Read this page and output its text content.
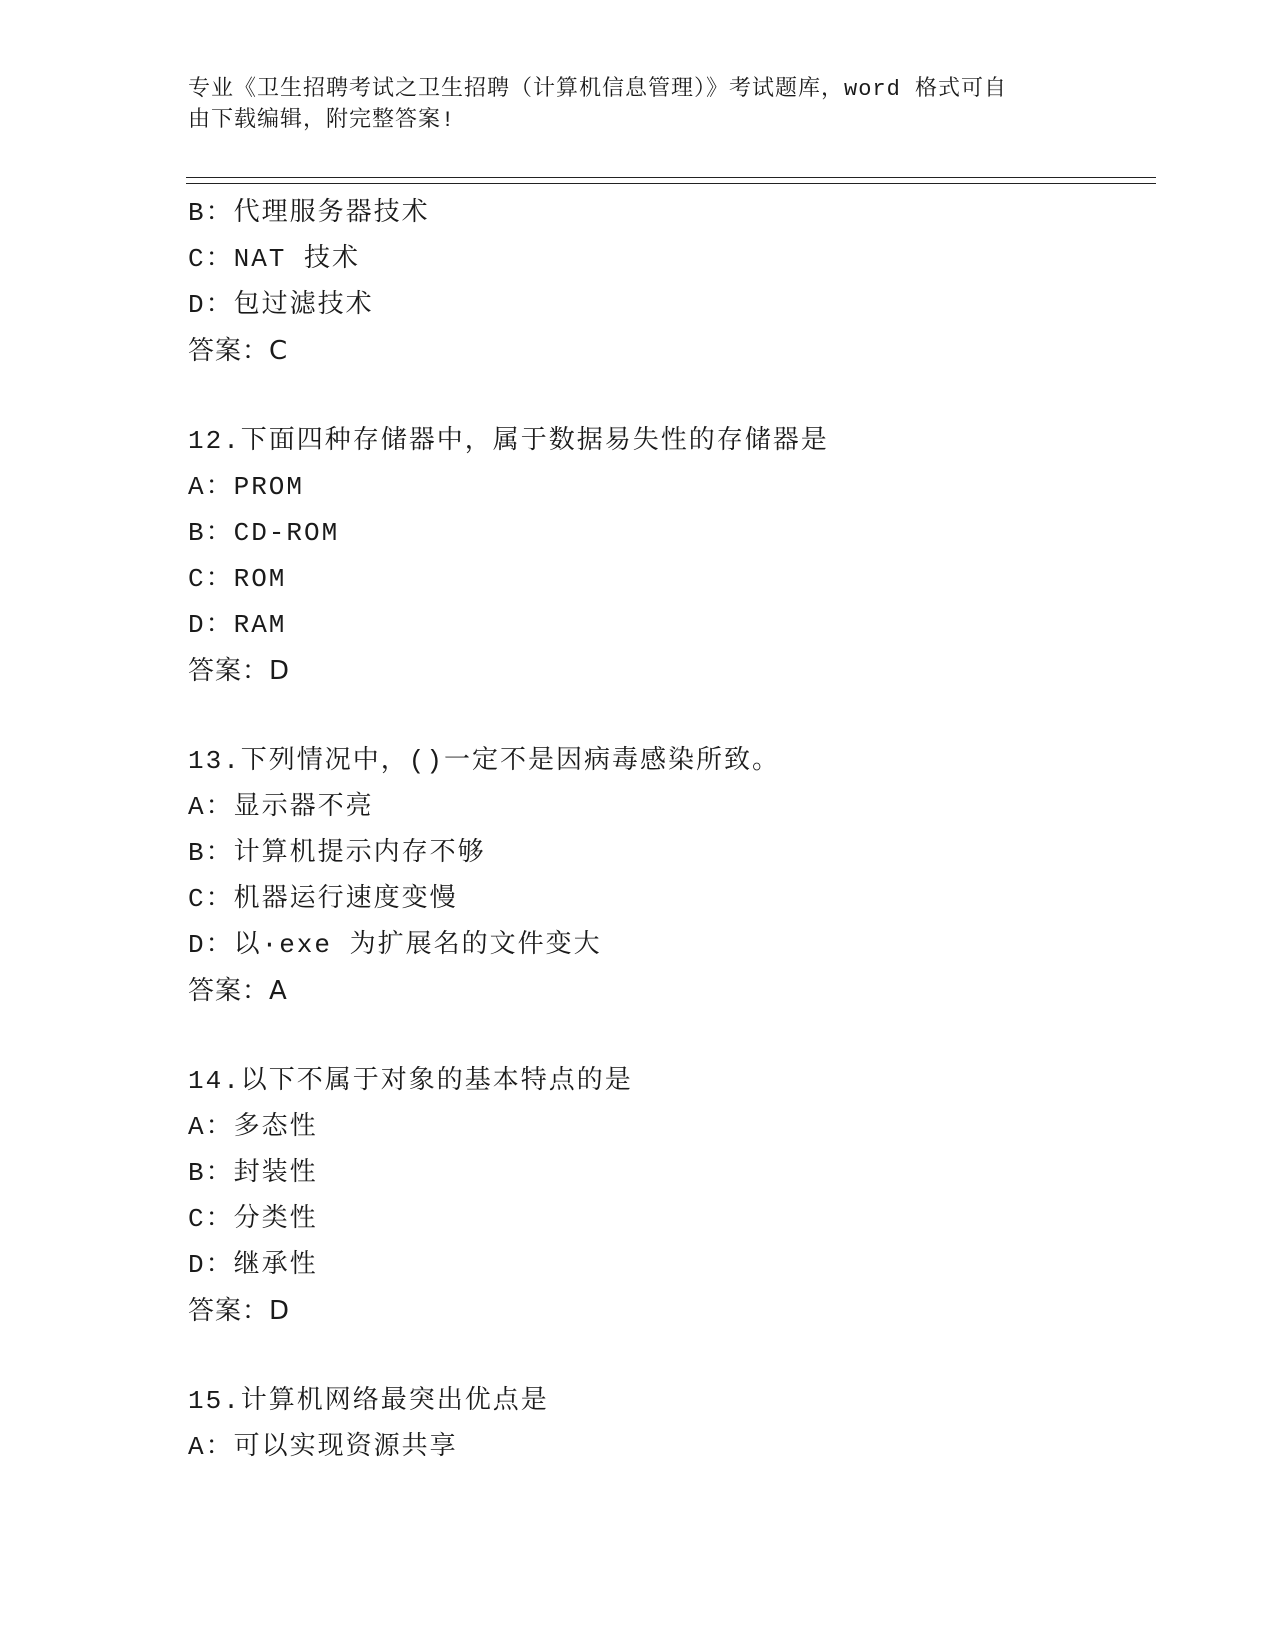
专业《卫生招聘考试之卫生招聘（计算机信息管理）》考试题库，word 格式可自
由下载编辑，附完整答案!
B：代理服务器技术
C：NAT 技术
D：包过滤技术
答案：C
12.下面四种存储器中，属于数据易失性的存储器是
A：PROM
B：CD-ROM
C：ROM
D：RAM
答案：D
13.下列情况中，()一定不是因病毒感染所致。
A：显示器不亮
B：计算机提示内存不够
C：机器运行速度变慢
D：以·exe 为扩展名的文件变大
答案：A
14.以下不属于对象的基本特点的是
A：多态性
B：封装性
C：分类性
D：继承性
答案：D
15.计算机网络最突出优点是
A：可以实现资源共享
